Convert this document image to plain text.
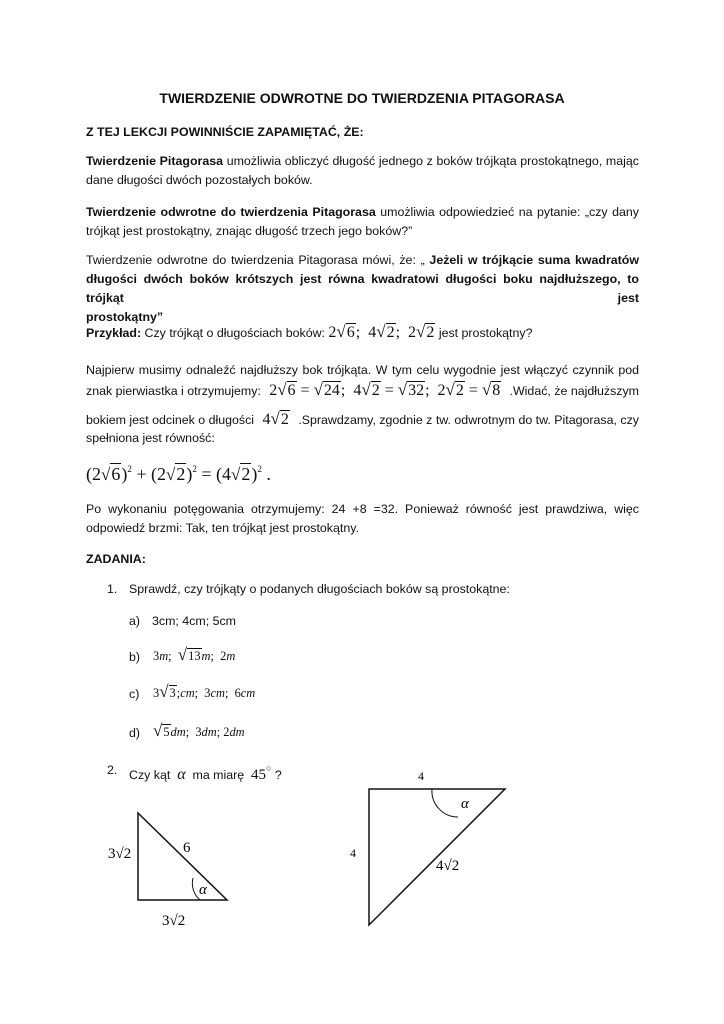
TWIERDZENIE ODWROTNE DO TWIERDZENIA PITAGORASA
Z TEJ LEKCJI POWINNIŚCIE ZAPAMIĘTAĆ, ŻE:
Twierdzenie Pitagorasa umożliwia obliczyć długość jednego z boków trójkąta prostokątnego, mając
dane długości dwóch pozostałych boków.
Twierdzenie odwrotne do twierdzenia Pitagorasa umożliwia odpowiedzieć na pytanie: „czy dany
trójkąt jest prostokątny, znając długość trzech jego boków?”
Twierdzenie odwrotne do twierdzenia Pitagorasa mówi, że: „ Jeżeli w trójkącie suma kwadratów
długości dwóch boków krótszych jest równa kwadratowi długości boku najdłuższego, to trójkąt jest
prostokątny”
Przykład: Czy trójkąt o długościach boków: 2√6;  4√2;  2√2 jest prostokątny?
Najpierw musimy odnaleźć najdłuższy bok trójkąta. W tym celu wygodnie jest włączyć czynnik pod
znak pierwiastka i otrzymujemy: 2√6 = √24;  4√2 = √32;  2√2 = √8 .Widać, że najdłuższym
bokiem jest odcinek o długości 4√2 .Sprawdzamy, zgodnie z tw. odwrotnym do tw. Pitagorasa, czy
spełniona jest równość:
$(2√6)^2 + (2√2)^2 = (4√2)^2$ .
Po wykonaniu potęgowania otrzymujemy: 24 +8 =32. Ponieważ równość jest prawdziwa, więc
odpowiedź brzmi: Tak, ten trójkąt jest prostokątny.
ZADANIA:
1. Sprawdź, czy trójkąty o podanych długościach boków są prostokątne:
a) 3cm; 4cm; 5cm
b) 3m;  √13m;  2m
c) 3√3;cm;  3cm;  6cm
d) √5dm;  3dm; 2dm
2. Czy kąt α ma miarę 45○ ?
3√2	6
α
3√2
4
4
α
4√2
